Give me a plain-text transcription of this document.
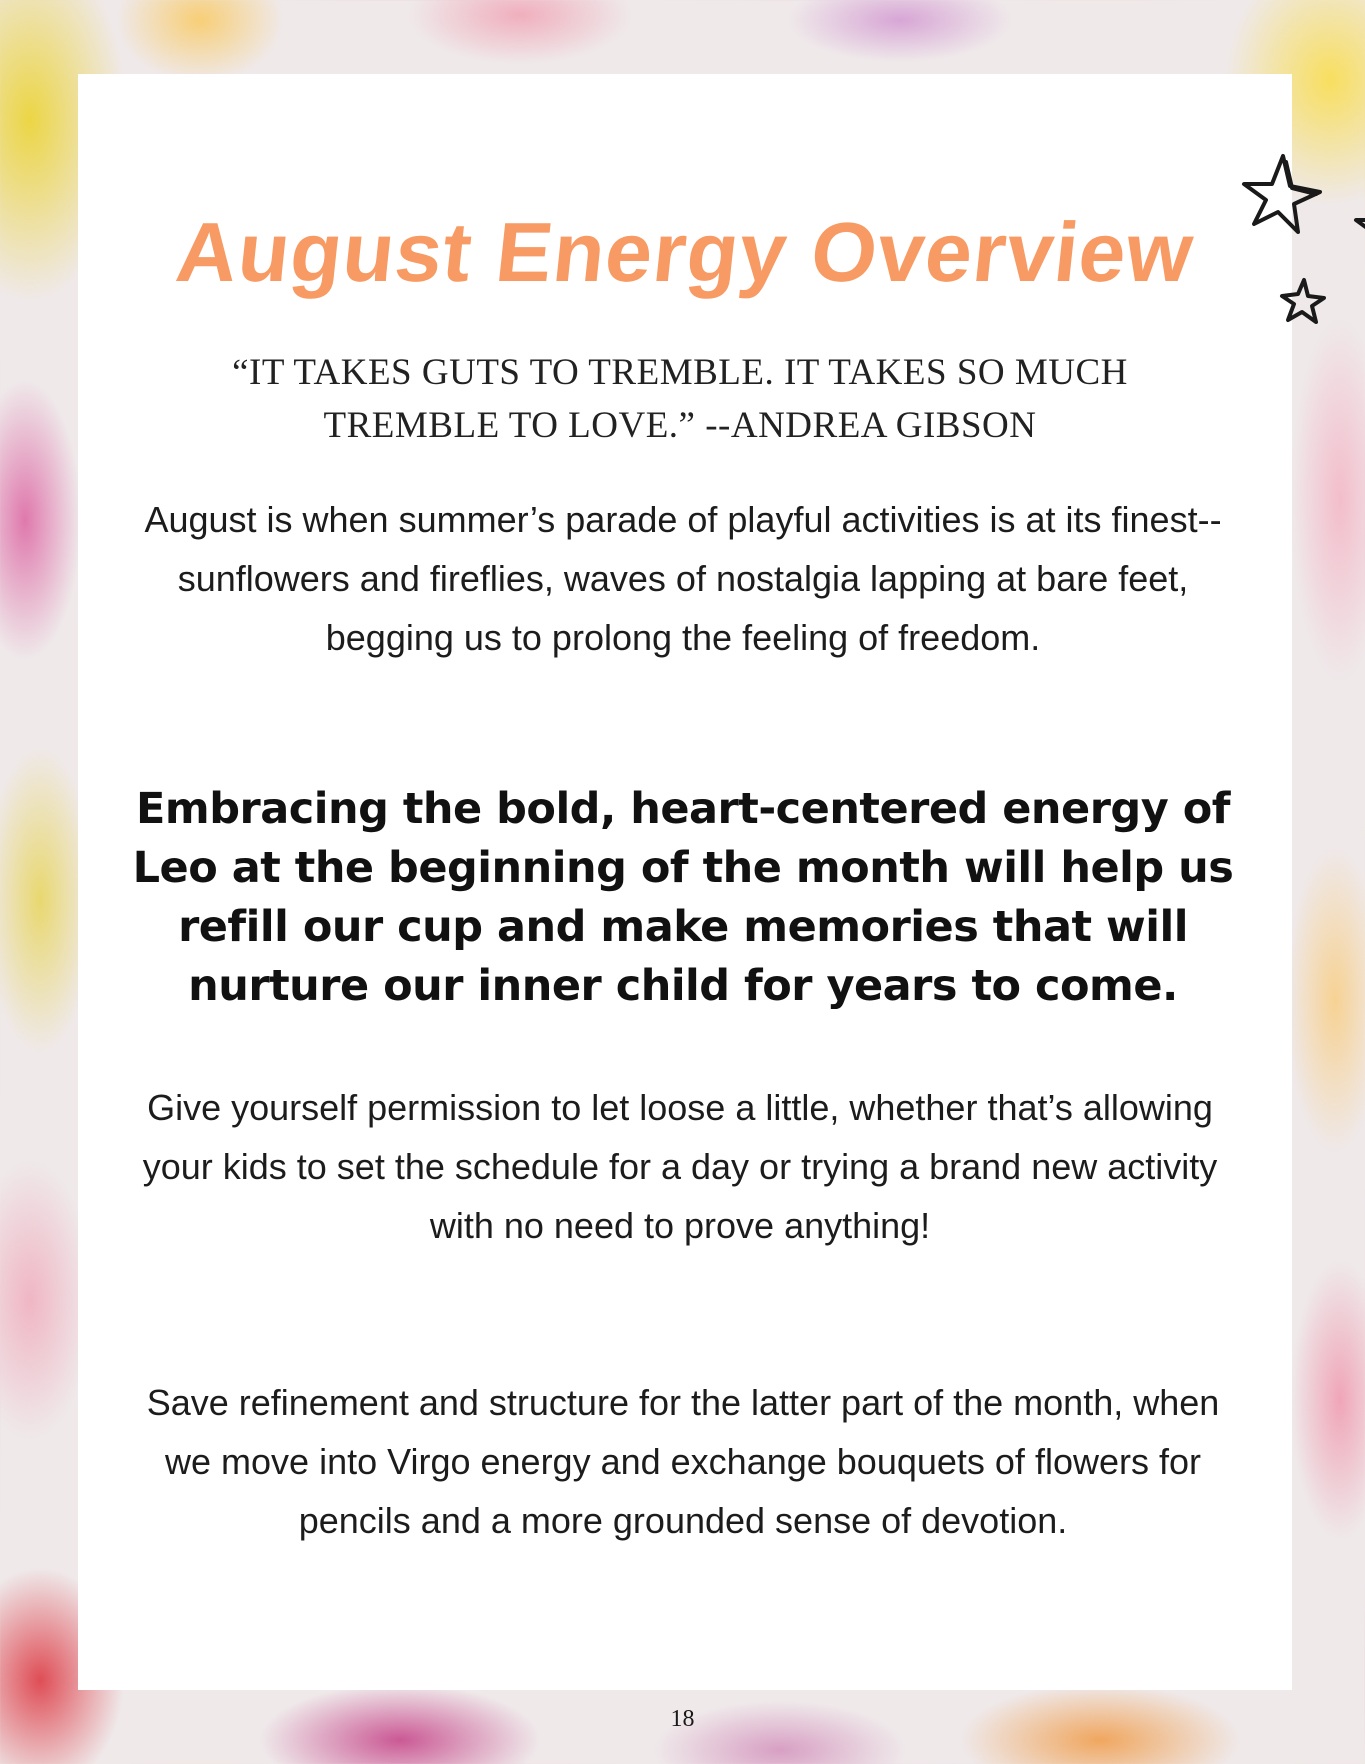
August Energy Overview

“IT TAKES GUTS TO TREMBLE. IT TAKES SO MUCH TREMBLE TO LOVE.” --ANDREA GIBSON

August is when summer’s parade of playful activities is at its finest--sunflowers and fireflies, waves of nostalgia lapping at bare feet, begging us to prolong the feeling of freedom.

Embracing the bold, heart-centered energy of Leo at the beginning of the month will help us refill our cup and make memories that will nurture our inner child for years to come.

Give yourself permission to let loose a little, whether that’s allowing your kids to set the schedule for a day or trying a brand new activity with no need to prove anything!

Save refinement and structure for the latter part of the month, when we move into Virgo energy and exchange bouquets of flowers for pencils and a more grounded sense of devotion.

18
